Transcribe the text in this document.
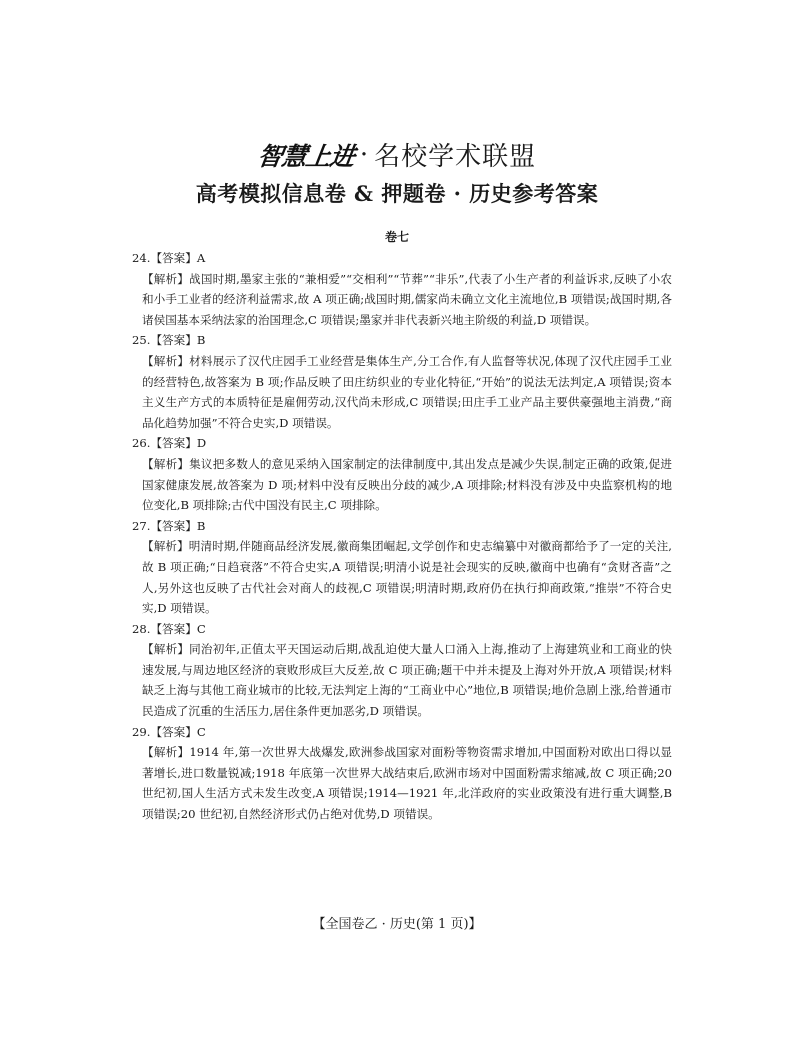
智慧上进 · 名校学术联盟
高考模拟信息卷 & 押题卷 · 历史参考答案
卷七

24.【答案】A

【解析】战国时期,墨家主张的“兼相爱”“交相利”“节葬”“非乐”,代表了小生产者的利益诉求,反映了小农和小手工业者的经济利益需求,故 A 项正确;战国时期,儒家尚未确立文化主流地位,B 项错误;战国时期,各诸侯国基本采纳法家的治国理念,C 项错误;墨家并非代表新兴地主阶级的利益,D 项错误。

25.【答案】B

【解析】材料展示了汉代庄园手工业经营是集体生产,分工合作,有人监督等状况,体现了汉代庄园手工业的经营特色,故答案为 B 项;作品反映了田庄纺织业的专业化特征,“开始”的说法无法判定,A 项错误;资本主义生产方式的本质特征是雇佣劳动,汉代尚未形成,C 项错误;田庄手工业产品主要供豪强地主消费,“商品化趋势加强”不符合史实,D 项错误。

26.【答案】D

【解析】集议把多数人的意见采纳入国家制定的法律制度中,其出发点是减少失误,制定正确的政策,促进国家健康发展,故答案为 D 项;材料中没有反映出分歧的减少,A 项排除;材料没有涉及中央监察机构的地位变化,B 项排除;古代中国没有民主,C 项排除。

27.【答案】B

【解析】明清时期,伴随商品经济发展,徽商集团崛起,文学创作和史志编纂中对徽商都给予了一定的关注,故 B 项正确;“日趋衰落”不符合史实,A 项错误;明清小说是社会现实的反映,徽商中也确有“贪财吝啬”之人,另外这也反映了古代社会对商人的歧视,C 项错误;明清时期,政府仍在执行抑商政策,“推崇”不符合史实,D 项错误。

28.【答案】C

【解析】同治初年,正值太平天国运动后期,战乱迫使大量人口涌入上海,推动了上海建筑业和工商业的快速发展,与周边地区经济的衰败形成巨大反差,故 C 项正确;题干中并未提及上海对外开放,A 项错误;材料缺乏上海与其他工商业城市的比较,无法判定上海的“工商业中心”地位,B 项错误;地价急剧上涨,给普通市民造成了沉重的生活压力,居住条件更加恶劣,D 项错误。

29.【答案】C

【解析】1914 年,第一次世界大战爆发,欧洲参战国家对面粉等物资需求增加,中国面粉对欧出口得以显著增长,进口数量锐减;1918 年底第一次世界大战结束后,欧洲市场对中国面粉需求缩减,故 C 项正确;20 世纪初,国人生活方式未发生改变,A 项错误;1914—1921 年,北洋政府的实业政策没有进行重大调整,B 项错误;20 世纪初,自然经济形式仍占绝对优势,D 项错误。

【全国卷乙 · 历史(第 1 页)】
